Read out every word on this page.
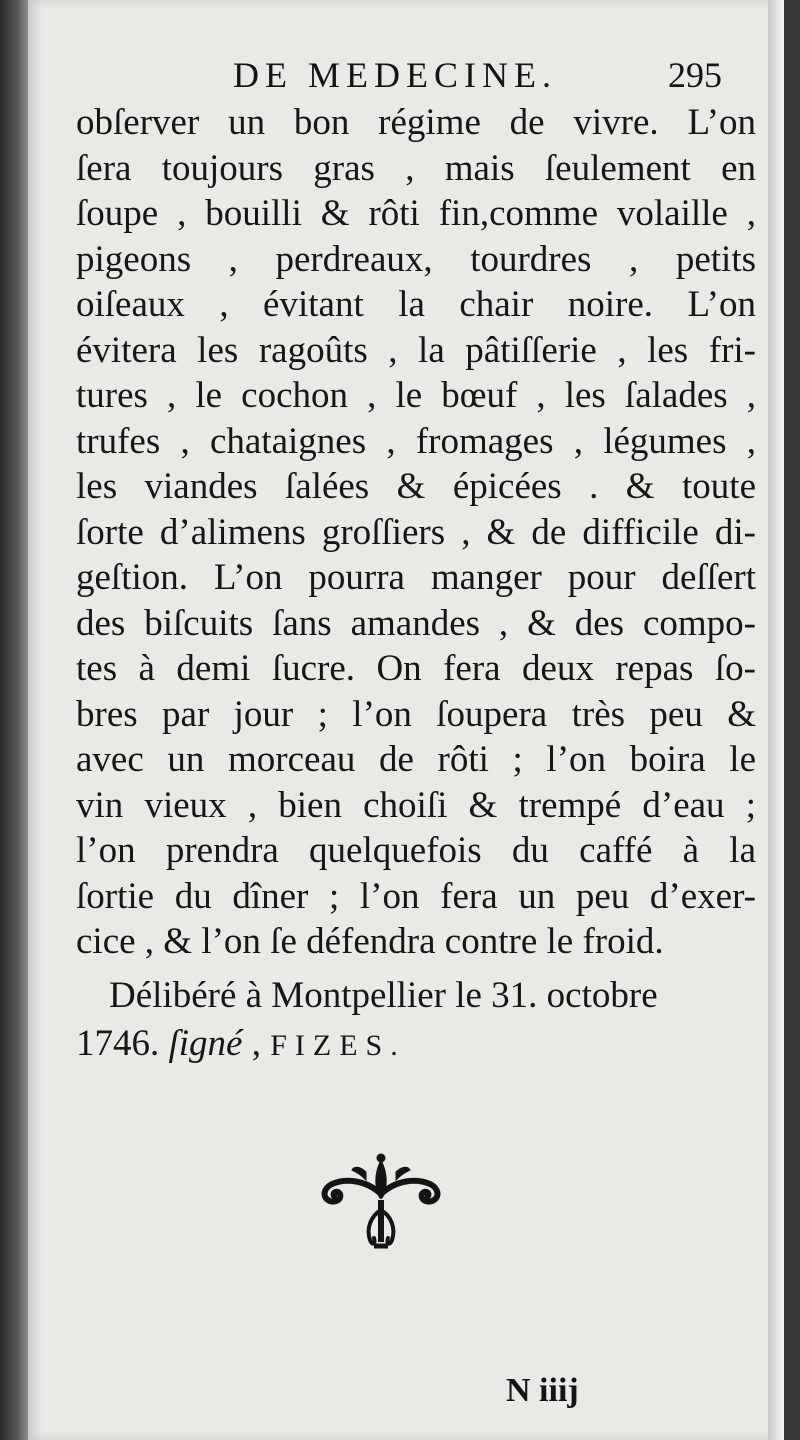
DE MEDECINE.	295
obſerver un bon régime de vivre. L’on
ſera toujours gras , mais ſeulement en
ſoupe , bouilli & rôti fin,comme volaille ,
pigeons , perdreaux, tourdres , petits
oiſeaux , évitant la chair noire. L’on
évitera les ragoûts , la pâtiſſerie , les fri-
tures , le cochon , le bœuf , les ſalades ,
trufes , chataignes , fromages , légumes ,
les viandes ſalées & épicées . & toute
ſorte d’alimens groſſiers , & de difficile di-
geſtion. L’on pourra manger pour deſſert
des biſcuits ſans amandes , & des compo-
tes à demi ſucre. On fera deux repas ſo-
bres par jour ; l’on ſoupera très peu &
avec un morceau de rôti ; l’on boira le
vin vieux , bien choiſi & trempé d’eau ;
l’on prendra quelquefois du caffé à la
ſortie du dîner ; l’on fera un peu d’exer-
cice , & l’on ſe défendra contre le froid.
Délibéré à Montpellier le 31. octobre
1746. ſigné , FIZES.
N iiij
